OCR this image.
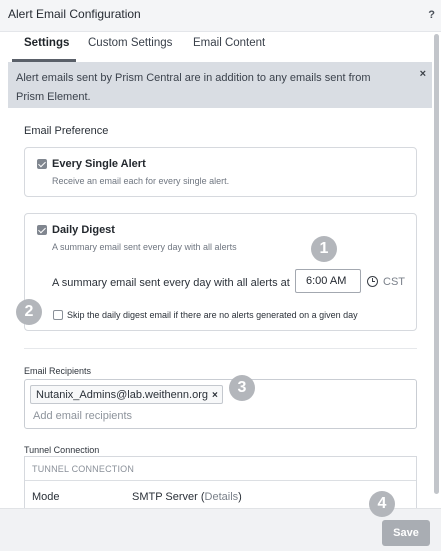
Alert Email Configuration	?
Settings Custom Settings Email Content
Alert emails sent by Prism Central are in addition to any emails sent from Prism Element.
×
Email Preference
Every Single Alert
Receive an email each for every single alert.
Daily Digest
A summary email sent every day with all alerts
A summary email sent every day with all alerts at	6:00 AM	CST
Skip the daily digest email if there are no alerts generated on a given day
Email Recipients
Nutanix_Admins@lab.weithenn.org ×
Add email recipients
Tunnel Connection
TUNNEL CONNECTION
Mode	SMTP Server (Details)
Save
1
2
3
4
